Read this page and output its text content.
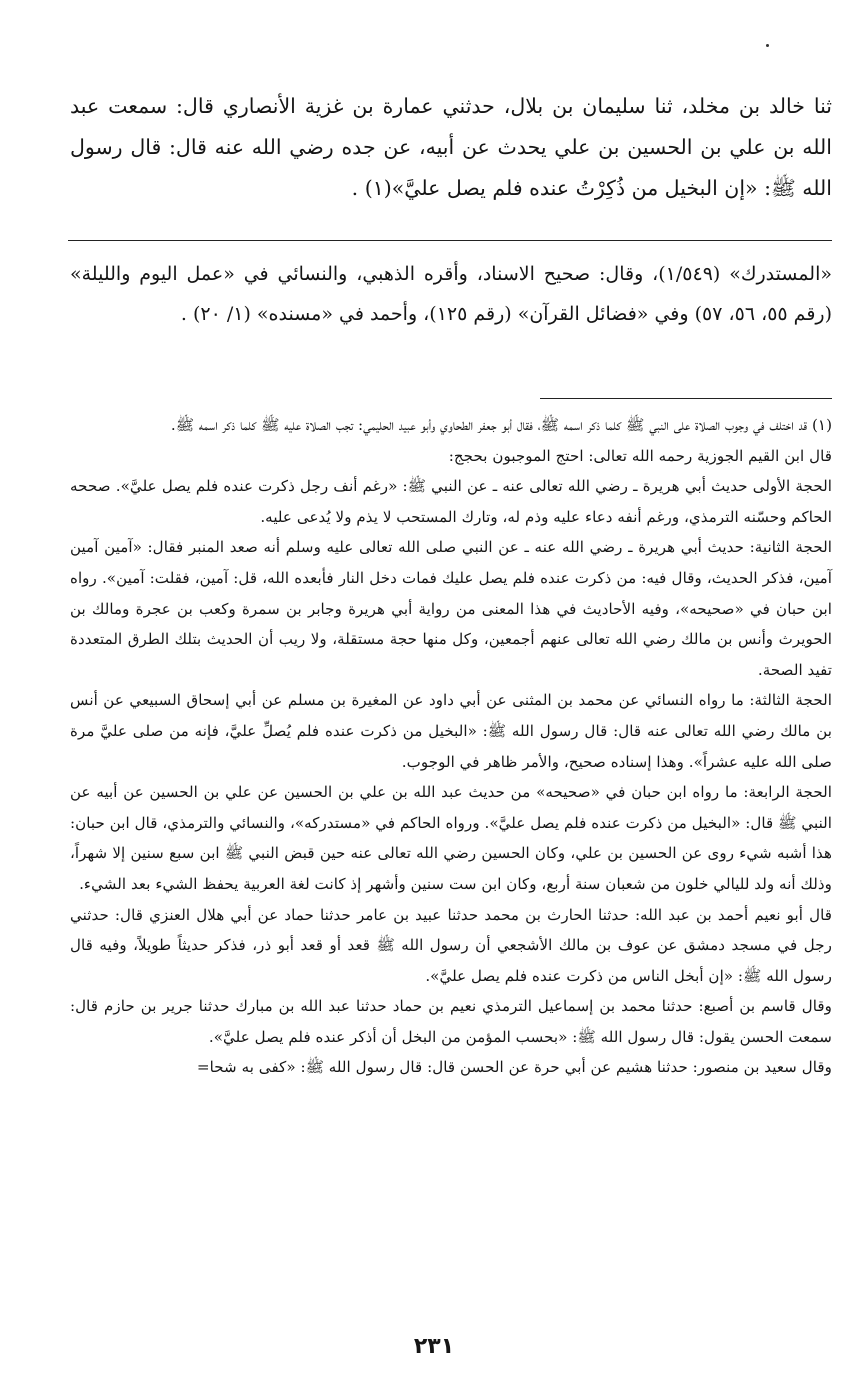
ثنا خالد بن مخلد، ثنا سليمان بن بلال، حدثني عمارة بن غزية الأنصاري قال: سمعت عبد الله بن علي بن الحسين بن علي يحدث عن أبيه، عن جده رضي الله عنه قال: قال رسول الله ﷺ: «إن البخيل من ذُكِرْتُ عنده فلم يصل عليَّ»(١) .

«المستدرك» (١/٥٤٩)، وقال: صحيح الاسناد، وأقره الذهبي، والنسائي في «عمل اليوم والليلة» (رقم ٥٥، ٥٦، ٥٧) وفي «فضائل القرآن» (رقم ١٢٥)، وأحمد في «مسنده» (١/ ٢٠) .

(١) قد اختلف في وجوب الصلاة على النبي ﷺ كلما ذكر اسمه ﷺ، فقال أبو جعفر الطحاوي وأبو عبيد الحليمي: تجب الصلاة عليه ﷺ كلما ذكر اسمه ﷺ.

قال ابن القيم الجوزية رحمه الله تعالى: احتج الموجبون بحجج:

الحجة الأولى حديث أبي هريرة ـ رضي الله تعالى عنه ـ عن النبي ﷺ: «رغم أنف رجل ذكرت عنده فلم يصل عليَّ». صححه الحاكم وحسّنه الترمذي، ورغم أنفه دعاء عليه وذم له، وتارك المستحب لا يذم ولا يُدعى عليه.

الحجة الثانية: حديث أبي هريرة ـ رضي الله عنه ـ عن النبي صلى الله تعالى عليه وسلم أنه صعد المنبر فقال: «آمين آمين آمين، فذكر الحديث، وقال فيه: من ذكرت عنده فلم يصل عليك فمات دخل النار فأبعده الله، قل: آمين، فقلت: آمين». رواه ابن حبان في «صحيحه»، وفيه الأحاديث في هذا المعنى من رواية أبي هريرة وجابر بن سمرة وكعب بن عجرة ومالك بن الحويرث وأنس بن مالك رضي الله تعالى عنهم أجمعين، وكل منها حجة مستقلة، ولا ريب أن الحديث بتلك الطرق المتعددة تفيد الصحة.

الحجة الثالثة: ما رواه النسائي عن محمد بن المثنى عن أبي داود عن المغيرة بن مسلم عن أبي إسحاق السبيعي عن أنس بن مالك رضي الله تعالى عنه قال: قال رسول الله ﷺ: «البخيل من ذكرت عنده فلم يُصلِّ عليَّ، فإنه من صلى عليَّ مرة صلى الله عليه عشراً». وهذا إسناده صحيح، والأمر ظاهر في الوجوب.

الحجة الرابعة: ما رواه ابن حبان في «صحيحه» من حديث عبد الله بن علي بن الحسين عن علي بن الحسين عن أبيه عن النبي ﷺ قال: «البخيل من ذكرت عنده فلم يصل عليَّ». ورواه الحاكم في «مستدركه»، والنسائي والترمذي، قال ابن حبان: هذا أشبه شيء روى عن الحسين بن علي، وكان الحسين رضي الله تعالى عنه حين قبض النبي ﷺ ابن سبع سنين إلا شهراً، وذلك أنه ولد لليالي خلون من شعبان سنة أربع، وكان ابن ست سنين وأشهر إذ كانت لغة العربية يحفظ الشيء بعد الشيء.

قال أبو نعيم أحمد بن عبد الله: حدثنا الحارث بن محمد حدثنا عبيد بن عامر حدثنا حماد عن أبي هلال العنزي قال: حدثني رجل في مسجد دمشق عن عوف بن مالك الأشجعي أن رسول الله ﷺ قعد أو قعد أبو ذر، فذكر حديثاً طويلاً، وفيه قال رسول الله ﷺ: «إن أبخل الناس من ذكرت عنده فلم يصل عليَّ».

وقال قاسم بن أصبع: حدثنا محمد بن إسماعيل الترمذي نعيم بن حماد حدثنا عبد الله بن مبارك حدثنا جرير بن حازم قال: سمعت الحسن يقول: قال رسول الله ﷺ: «بحسب المؤمن من البخل أن أذكر عنده فلم يصل عليَّ».

وقال سعيد بن منصور: حدثنا هشيم عن أبي حرة عن الحسن قال: قال رسول الله ﷺ: «كفى به شحا=

٢٣١
